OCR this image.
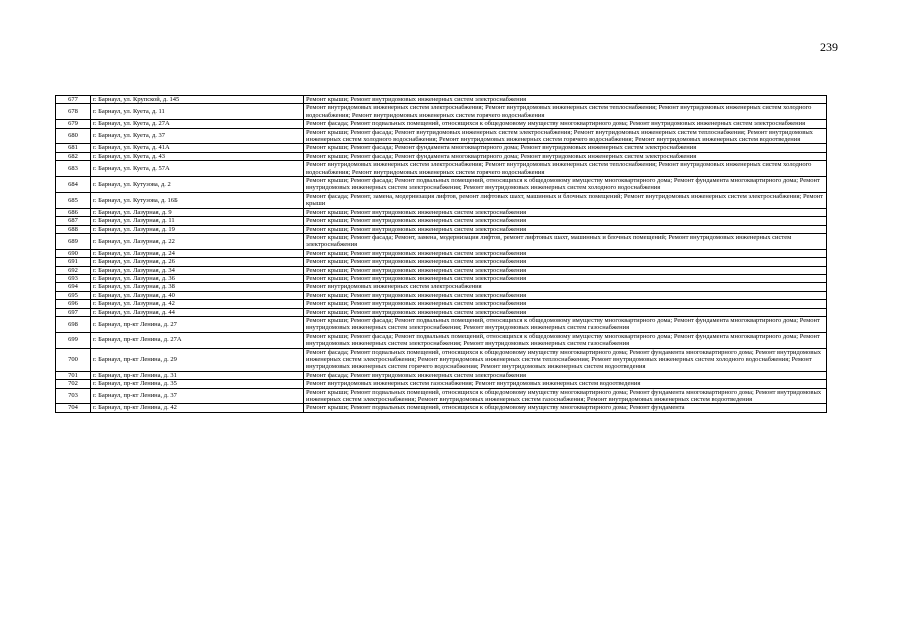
239
677	г. Барнаул, ул. Крупской, д. 145	Ремонт крыши; Ремонт внутридомовых инженерных систем электроснабжения
678	г. Барнаул, ул. Куета, д. 11	Ремонт внутридомовых инженерных систем электроснабжения; Ремонт внутридомовых инженерных систем теплоснабжения; Ремонт внутридомовых инженерных систем холодного водоснабжения; Ремонт внутридомовых инженерных систем горячего водоснабжения
679	г. Барнаул, ул. Куета, д. 27А	Ремонт фасада; Ремонт подвальных помещений, относящихся к общедомовому имуществу многоквартирного дома; Ремонт внутридомовых инженерных систем электроснабжения
680	г. Барнаул, ул. Куета, д. 37	Ремонт крыши; Ремонт фасада; Ремонт внутридомовых инженерных систем электроснабжения; Ремонт внутридомовых инженерных систем теплоснабжения; Ремонт внутридомовых инженерных систем холодного водоснабжения; Ремонт внутридомовых инженерных систем горячего водоснабжения; Ремонт внутридомовых инженерных систем водоотведения
681	г. Барнаул, ул. Куета, д. 41А	Ремонт крыши; Ремонт фасада; Ремонт фундамента многоквартирного дома; Ремонт внутридомовых инженерных систем электроснабжения
682	г. Барнаул, ул. Куета, д. 43	Ремонт крыши; Ремонт фасада; Ремонт фундамента многоквартирного дома; Ремонт внутридомовых инженерных систем электроснабжения
683	г. Барнаул, ул. Куета, д. 57А	Ремонт внутридомовых инженерных систем электроснабжения; Ремонт внутридомовых инженерных систем теплоснабжения; Ремонт внутридомовых инженерных систем холодного водоснабжения; Ремонт внутридомовых инженерных систем горячего водоснабжения
684	г. Барнаул, ул. Кутузова, д. 2	Ремонт крыши; Ремонт фасада; Ремонт подвальных помещений, относящихся к общедомовому имуществу многоквартирного дома; Ремонт фундамента многоквартирного дома; Ремонт внутридомовых инженерных систем электроснабжения; Ремонт внутридомовых инженерных систем холодного водоснабжения
685	г. Барнаул, ул. Кутузова, д. 16Б	Ремонт фасада; Ремонт, замена, модернизация лифтов, ремонт лифтовых шахт, машинных и блочных помещений; Ремонт внутридомовых инженерных систем электроснабжения; Ремонт крыши
686	г. Барнаул, ул. Лазурная, д. 9	Ремонт крыши; Ремонт внутридомовых инженерных систем электроснабжения
687	г. Барнаул, ул. Лазурная, д. 11	Ремонт крыши; Ремонт внутридомовых инженерных систем электроснабжения
688	г. Барнаул, ул. Лазурная, д. 19	Ремонт крыши; Ремонт внутридомовых инженерных систем электроснабжения
689	г. Барнаул, ул. Лазурная, д. 22	Ремонт крыши; Ремонт фасада; Ремонт, замена, модернизация лифтов, ремонт лифтовых шахт, машинных и блочных помещений; Ремонт внутридомовых инженерных систем электроснабжения
690	г. Барнаул, ул. Лазурная, д. 24	Ремонт крыши; Ремонт внутридомовых инженерных систем электроснабжения
691	г. Барнаул, ул. Лазурная, д. 26	Ремонт крыши; Ремонт внутридомовых инженерных систем электроснабжения
692	г. Барнаул, ул. Лазурная, д. 34	Ремонт крыши; Ремонт внутридомовых инженерных систем электроснабжения
693	г. Барнаул, ул. Лазурная, д. 36	Ремонт крыши; Ремонт внутридомовых инженерных систем электроснабжения
694	г. Барнаул, ул. Лазурная, д. 38	Ремонт внутридомовых инженерных систем электроснабжения
695	г. Барнаул, ул. Лазурная, д. 40	Ремонт крыши; Ремонт внутридомовых инженерных систем электроснабжения
696	г. Барнаул, ул. Лазурная, д. 42	Ремонт крыши; Ремонт внутридомовых инженерных систем электроснабжения
697	г. Барнаул, ул. Лазурная, д. 44	Ремонт крыши; Ремонт внутридомовых инженерных систем электроснабжения
698	г. Барнаул, пр-кт Ленина, д. 27	Ремонт крыши; Ремонт фасада; Ремонт подвальных помещений, относящихся к общедомовому имуществу многоквартирного дома; Ремонт фундамента многоквартирного дома; Ремонт внутридомовых инженерных систем электроснабжения; Ремонт внутридомовых инженерных систем газоснабжения
699	г. Барнаул, пр-кт Ленина, д. 27А	Ремонт крыши; Ремонт фасада; Ремонт подвальных помещений, относящихся к общедомовому имуществу многоквартирного дома; Ремонт фундамента многоквартирного дома; Ремонт внутридомовых инженерных систем электроснабжения; Ремонт внутридомовых инженерных систем газоснабжения
700	г. Барнаул, пр-кт Ленина, д. 29	Ремонт фасада; Ремонт подвальных помещений, относящихся к общедомовому имуществу многоквартирного дома; Ремонт фундамента многоквартирного дома; Ремонт внутридомовых инженерных систем электроснабжения; Ремонт внутридомовых инженерных систем теплоснабжения; Ремонт внутридомовых инженерных систем холодного водоснабжения; Ремонт внутридомовых инженерных систем горячего водоснабжения; Ремонт внутридомовых инженерных систем водоотведения
701	г. Барнаул, пр-кт Ленина, д. 31	Ремонт фасада; Ремонт внутридомовых инженерных систем электроснабжения
702	г. Барнаул, пр-кт Ленина, д. 35	Ремонт внутридомовых инженерных систем газоснабжения; Ремонт внутридомовых инженерных систем водоотведения
703	г. Барнаул, пр-кт Ленина, д. 37	Ремонт крыши; Ремонт подвальных помещений, относящихся к общедомовому имуществу многоквартирного дома; Ремонт фундамента многоквартирного дома; Ремонт внутридомовых инженерных систем электроснабжения; Ремонт внутридомовых инженерных систем газоснабжения; Ремонт внутридомовых инженерных систем водоотведения
704	г. Барнаул, пр-кт Ленина, д. 42	Ремонт крыши; Ремонт подвальных помещений, относящихся к общедомовому имуществу многоквартирного дома; Ремонт фундамента
